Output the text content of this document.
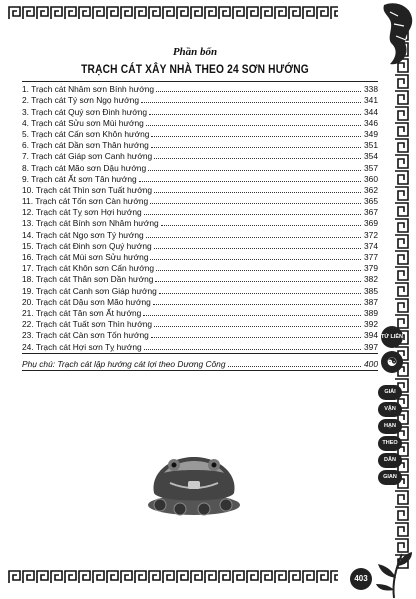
Phần bốn
TRẠCH CÁT XÂY NHÀ THEO 24 SƠN HƯỚNG
1. Trạch cát Nhâm sơn Bính hướng	338
2. Trạch cát Tý sơn Ngọ hướng	341
3. Trạch cát Quý sơn Đinh hướng	344
4. Trạch cát Sửu sơn Mùi hướng	346
5. Trạch cát Cấn sơn Khôn hướng	349
6. Trạch cát Dần sơn Thân hướng	351
7. Trạch cát Giáp sơn Canh hướng	354
8. Trạch cát Mão sơn Dậu hướng	357
9. Trạch cát Ất sơn Tân hướng	360
10. Trạch cát Thìn sơn Tuất hướng	362
11. Trạch cát Tốn sơn Càn hướng	365
12. Trạch cát Tỵ sơn Hợi hướng	367
13. Trạch cát Bính sơn Nhâm hướng	369
14. Trạch cát Ngọ sơn Tý hướng	372
15. Trạch cát Đinh sơn Quý hướng	374
16. Trạch cát Mùi sơn Sửu hướng	377
17. Trạch cát Khôn sơn Cấn hướng	379
18. Trạch cát Thân sơn Dần hướng	382
19. Trạch cát Canh sơn Giáp hướng	385
20. Trạch cát Dậu sơn Mão hướng	387
21. Trạch cát Tân sơn Ất hướng	389
22. Trạch cát Tuất sơn Thìn hướng	392
23. Trạch cát Càn sơn Tốn hướng	394
24. Trạch cát Hợi sơn Tỵ hướng	397
Phụ chú: Trạch cát lập hướng cát lợi theo Dương Công	400 ☯
TỨ LIỄN
GIẢI
VẬN
HẠN
THEO
DÂN
GIAN
403
